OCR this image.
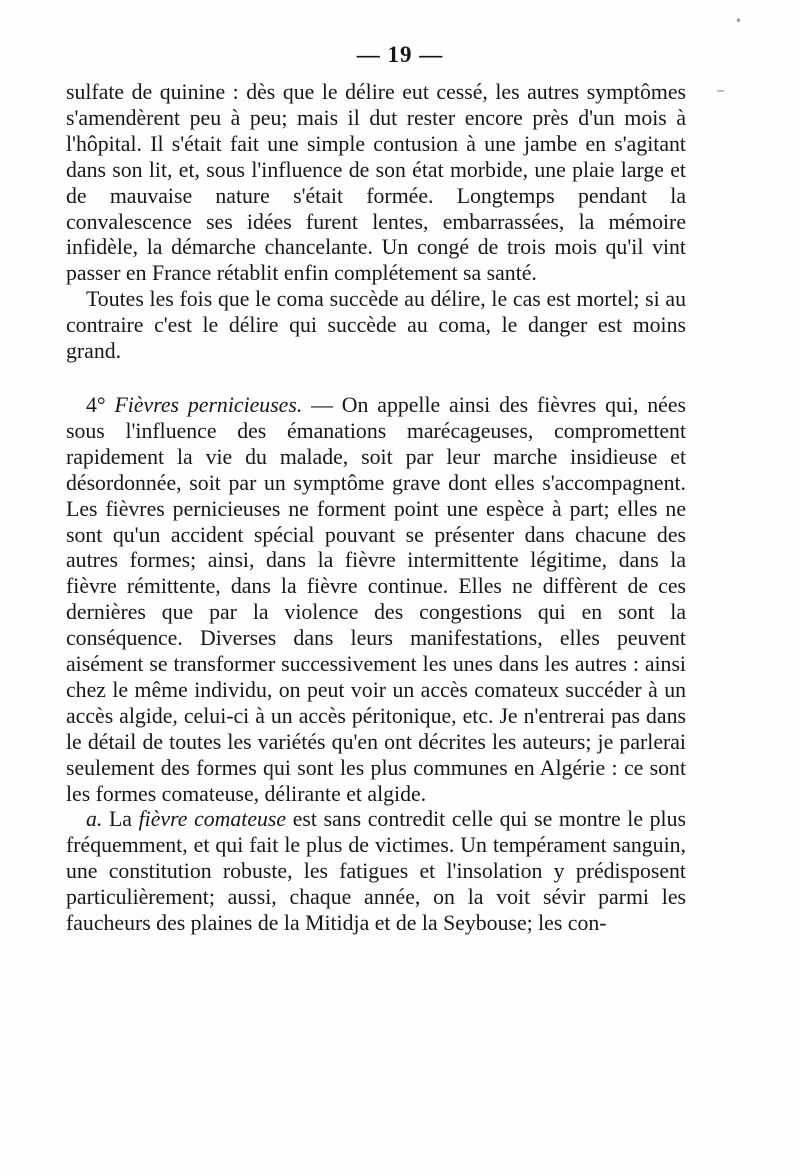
•
–
— 19 —

sulfate de quinine : dès que le délire eut cessé, les autres symptômes s'amendèrent peu à peu; mais il dut rester encore près d'un mois à l'hôpital. Il s'était fait une simple contusion à une jambe en s'agitant dans son lit, et, sous l'influence de son état morbide, une plaie large et de mauvaise nature s'était formée. Longtemps pendant la convalescence ses idées furent lentes, embarrassées, la mémoire infidèle, la démarche chancelante. Un congé de trois mois qu'il vint passer en France rétablit enfin complétement sa santé.

Toutes les fois que le coma succède au délire, le cas est mortel; si au contraire c'est le délire qui succède au coma, le danger est moins grand.

4° Fièvres pernicieuses. — On appelle ainsi des fièvres qui, nées sous l'influence des émanations marécageuses, compromettent rapidement la vie du malade, soit par leur marche insidieuse et désordonnée, soit par un symptôme grave dont elles s'accompagnent. Les fièvres pernicieuses ne forment point une espèce à part; elles ne sont qu'un accident spécial pouvant se présenter dans chacune des autres formes; ainsi, dans la fièvre intermittente légitime, dans la fièvre rémittente, dans la fièvre continue. Elles ne diffèrent de ces dernières que par la violence des congestions qui en sont la conséquence. Diverses dans leurs manifestations, elles peuvent aisément se transformer successivement les unes dans les autres : ainsi chez le même individu, on peut voir un accès comateux succéder à un accès algide, celui-ci à un accès péritonique, etc. Je n'entrerai pas dans le détail de toutes les variétés qu'en ont décrites les auteurs; je parlerai seulement des formes qui sont les plus communes en Algérie : ce sont les formes comateuse, délirante et algide.

a. La fièvre comateuse est sans contredit celle qui se montre le plus fréquemment, et qui fait le plus de victimes. Un tempérament sanguin, une constitution robuste, les fatigues et l'insolation y prédisposent particulièrement; aussi, chaque année, on la voit sévir parmi les faucheurs des plaines de la Mitidja et de la Seybouse; les con-
